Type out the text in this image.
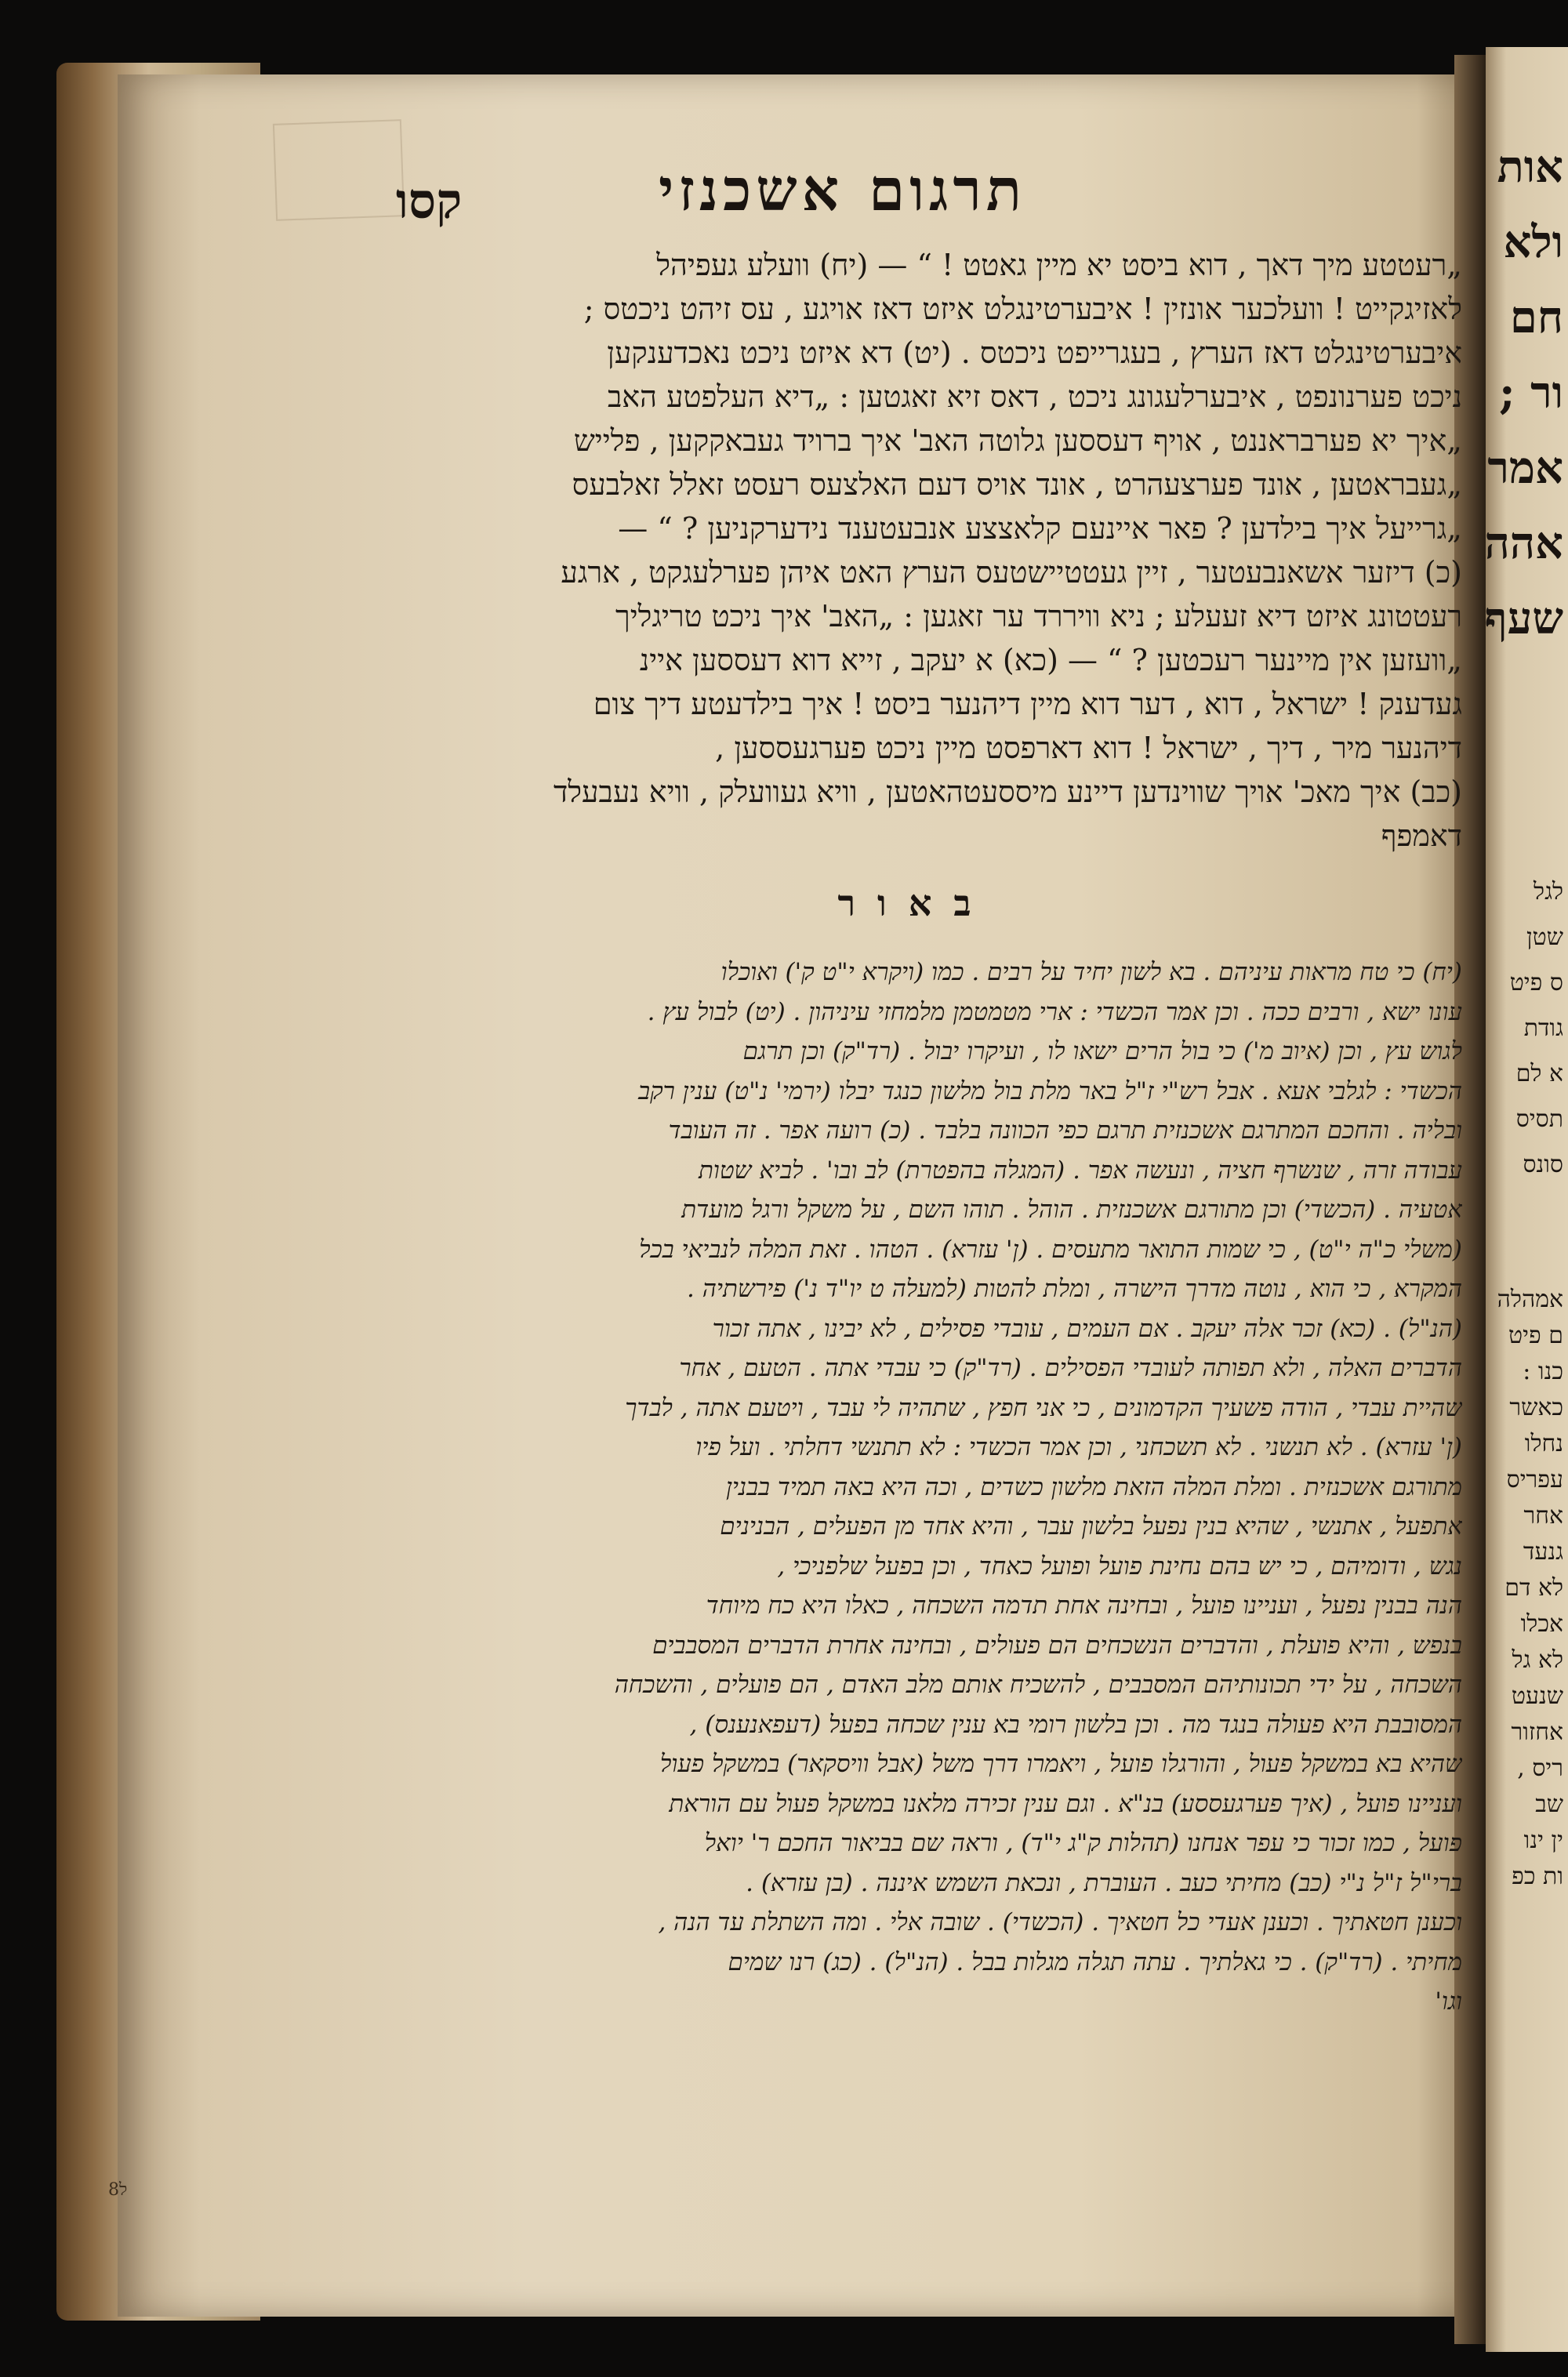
אות
ולא
חם
ור ;
אמר
אהה
שעף
לגל
שטן
ס פיט
גודת
א לם
תסיס
סונס
אמהלה
ם פיט
כנו :
כאשר
נחלו
עפריס
אחר
גנעד
לא דם
אכלו
לא גל
שנעט
אחזור
ריס ,
שב
ין ינו
ות כפ
תרגום אשכנזי
קסו
„רעטטע מיך דאך , דוא ביסט יא מיין גאטט ! “ — (יח) וועלע געפיהל
לאזיגקייט ! וועלכער אונזין ! איבערטינגלט איזט דאז אויגע , עס זיהט ניכטס ;
איבערטינגלט דאז הערץ , בעגרייפט ניכטס . (יט) דא איזט ניכט נאכדענקען
ניכט פערנונפט , איבערלעגונג ניכט , דאס זיא זאגטען : „דיא העלפטע האב
„איך יא פערבראננט , אויף דעססען גלוטה האב' איך ברויד געבאקקען , פלייש
„געבראטען , אונד פערצעהרט , אונד אויס דעם האלצעס רעסט זאלל זאלבעס
„גרייעל איך בילדען ? פאר איינעם קלאצצע אנבעטענד נידערקניען ? “ —
(כ) דיזער אשאנבעטער , זיין געטטיישטעס הערץ האט איהן פערלעגקט , ארגע
רעטטונג איזט דיא זעעלע ; ניא וויררד ער זאגען : „האב' איך ניכט טריגליך
„וועזען אין מיינער רעכטען ? “ — (כא) א יעקב , זייא דוא דעססען איינ
געדענק ! ישראל , דוא , דער דוא מיין דיהנער ביסט ! איך בילדעטע דיך צום
דיהנער מיר , דיך , ישראל ! דוא דארפסט מיין ניכט פערגעססען ,
(כב) איך מאכ' אויך שווינדען דיינע מיססעטהאטען , וויא געוועלק , וויא נעבעלד
דאמפף
באור
(יח) כי טח מראות עיניהם . בא לשון יחיד על רבים . כמו (ויקרא י"ט ק') ואוכלו
עונו ישא , ורבים ככה . וכן אמר הכשדי : ארי מטמטמן מלמחזי עיניהון . (יט) לבול עץ .
לגוש עץ , וכן (איוב מ') כי בול הרים ישאו לו , ועיקרו יבול . (רד"ק) וכן תרגם
הכשדי : לגלבי אעא . אבל רש"י ז"ל באר מלת בול מלשון כנגד יבלו (ירמי' נ"ט) ענין רקב
ובליה . והחכם המתרגם אשכנזית תרגם כפי הכוונה בלבד . (כ) רועה אפר . זה העובד
עבודה זרה , שנשרף חציה , ונעשה אפר . (המגלה בהפטרת) לב ובו' . לביא שטות
אטעיה . (הכשדי) וכן מתורגם אשכנזית . הוהל . תוהו השם , על משקל ורגל מועדת
(משלי כ"ה י"ט) , כי שמות התואר מתעסים . (ן' עזרא) . הטהו . זאת המלה לנביאי בכל
המקרא , כי הוא , נוטה מדרך הישרה , ומלת להטות (למעלה ט יו"ד נ') פירשתיה .
(הנ"ל) . (כא) זכר אלה יעקב . אם העמים , עובדי פסילים , לא יבינו , אתה זכור
הדברים האלה , ולא תפותה לעובדי הפסילים . (רד"ק) כי עבדי אתה . הטעם , אחר
שהיית עבדי , הודה פשעיך הקדמונים , כי אני חפץ , שתהיה לי עבד , ויטעם אתה , לבדך
(ן' עזרא) . לא תנשני . לא תשכחני , וכן אמר הכשדי : לא תתנשי דחלתי . ועל פיו
מתורגם אשכנזית . ומלת המלה הזאת מלשון כשדים , וכה היא באה תמיד בבנין
אתפעל , אתנשי , שהיא בנין נפעל בלשון עבר , והיא אחד מן הפעלים , הבנינים
נגש , ודומיהם , כי יש בהם נחינת פועל ופועל כאחד , וכן בפעל שלפניכי ,
הנה בבנין נפעל , ועניינו פועל , ובחינה אחת תדמה השכחה , כאלו היא כח מיוחד
בנפש , והיא פועלת , והדברים הנשכחים הם פעולים , ובחינה אחרת הדברים המסבבים
השכחה , על ידי תכונותיהם המסבבים , להשכיח אותם מלב האדם , הם פועלים , והשכחה
המסובבת היא פעולה בנגד מה . וכן בלשון רומי בא ענין שכחה בפעל (דעפאנענס) ,
שהיא בא במשקל פעול , והורגלו פועל , ויאמרו דרך משל (אבל וויסקאר) במשקל פעול
ועניינו פועל , (איך פערגעססע) בנ"א . וגם ענין זכירה מלאנו במשקל פעול עם הוראת
פועל , כמו זכור כי עפר אנחנו (תהלות ק"ג י"ד) , וראה שם בביאור החכם ר' יואל
ברי"ל ז"ל נ"י (כב) מחיתי כעב . העוברת , ונכאת השמש איננה . (בן עזרא) .
וכענן חטאתיך . וכענן אעדי כל חטאיך . (הכשדי) . שובה אלי . ומה השתלת עד הנה ,
מחיתי . (רד"ק) . כי גאלתיך . עתה תגלה מגלות בבל . (הנ"ל) . (כג) רנו שמים
וגו'
ל8
